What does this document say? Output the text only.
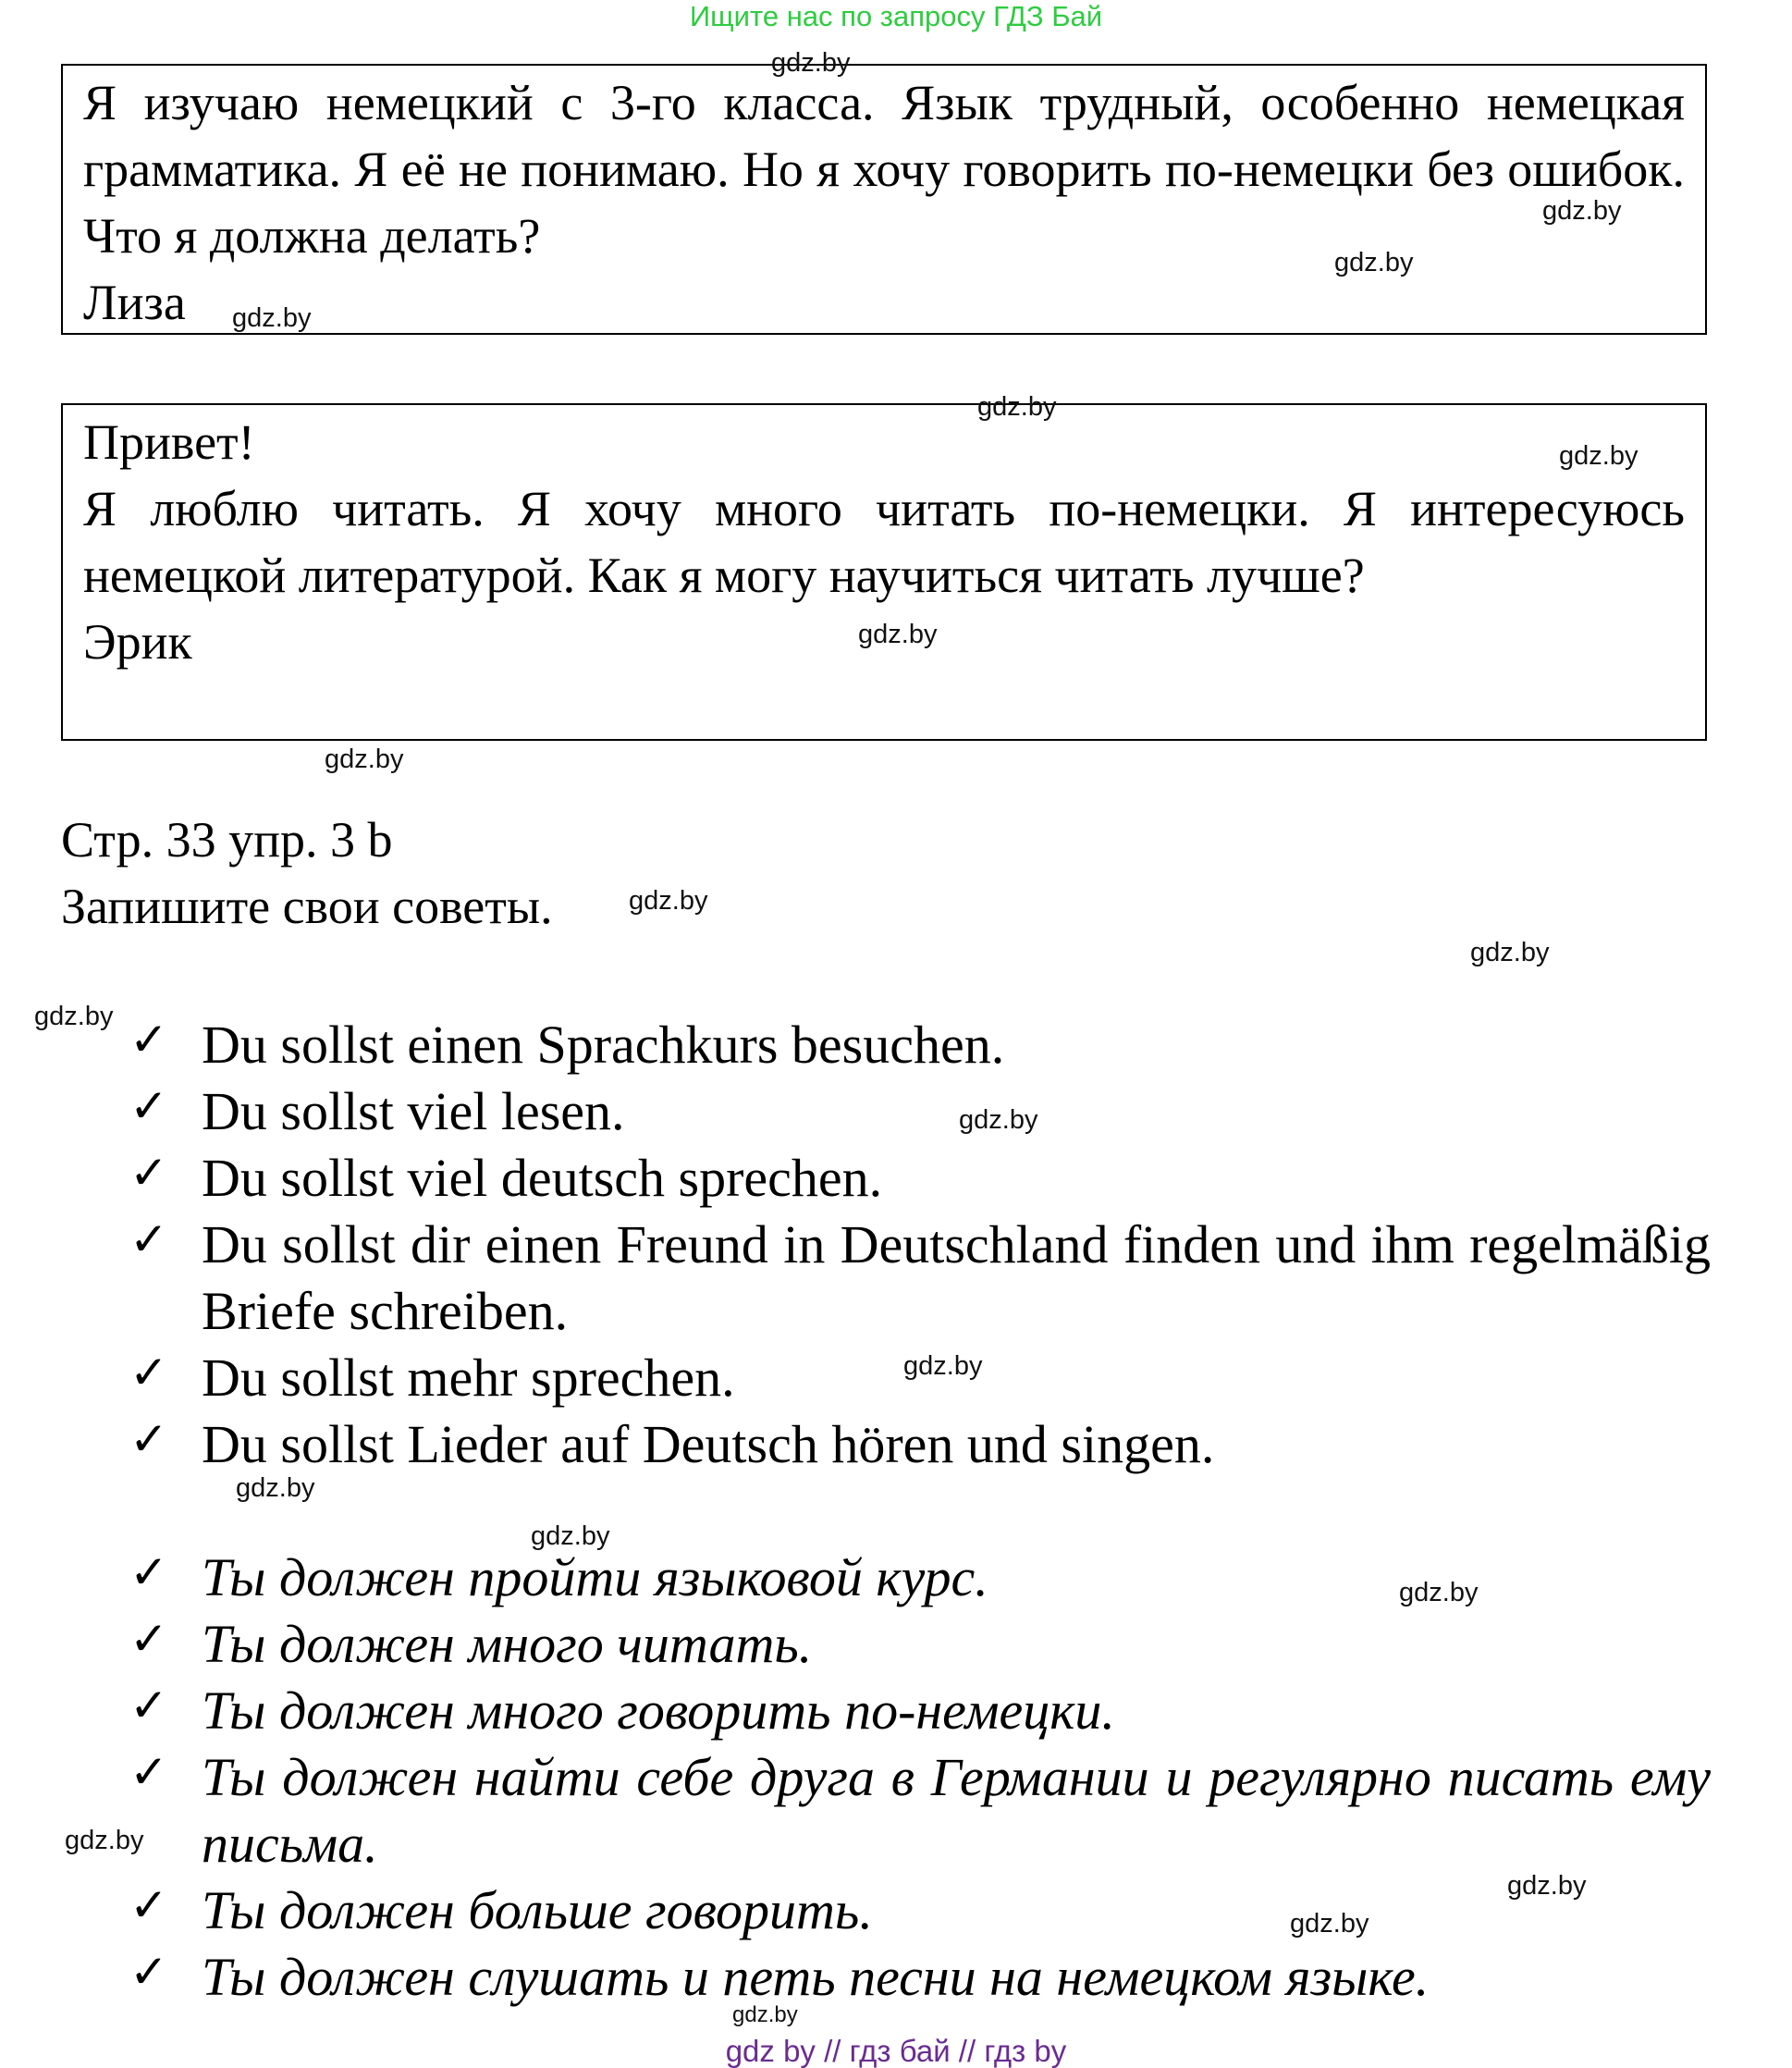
Ищите нас по запросу ГДЗ Бай

Я изучаю немецкий с 3-го класса. Язык трудный, особенно немецкая грамматика. Я её не понимаю. Но я хочу говорить по-немецки без ошибок. Что я должна делать?

Лиза

Привет!

Я люблю читать. Я хочу много читать по-немецки. Я интересуюсь немецкой литературой. Как я могу научиться читать лучше?

Эрик

Стр. 33 упр. 3 b
Запишите свои советы.
✓ Du sollst einen Sprachkurs besuchen.
✓ Du sollst viel lesen.
✓ Du sollst viel deutsch sprechen.
✓ Du sollst dir einen Freund in Deutschland finden und ihm regelmäßig Briefe schreiben.
✓ Du sollst mehr sprechen.
✓ Du sollst Lieder auf Deutsch hören und singen.
✓ Ты должен пройти языковой курс.
✓ Ты должен много читать.
✓ Ты должен много говорить по-немецки.
✓ Ты должен найти себе друга в Германии и регулярно писать ему письма.
✓ Ты должен больше говорить.
✓ Ты должен слушать и петь песни на немецком языке.
gdz.by
gdz.by
gdz.by
gdz.by
gdz.by
gdz.by
gdz.by
gdz.by
gdz.by
gdz.by
gdz.by
gdz.by
gdz.by
gdz.by
gdz.by
gdz.by
gdz.by
gdz.by
gdz.by
gdz.by
gdz by // гдз бай // гдз by
